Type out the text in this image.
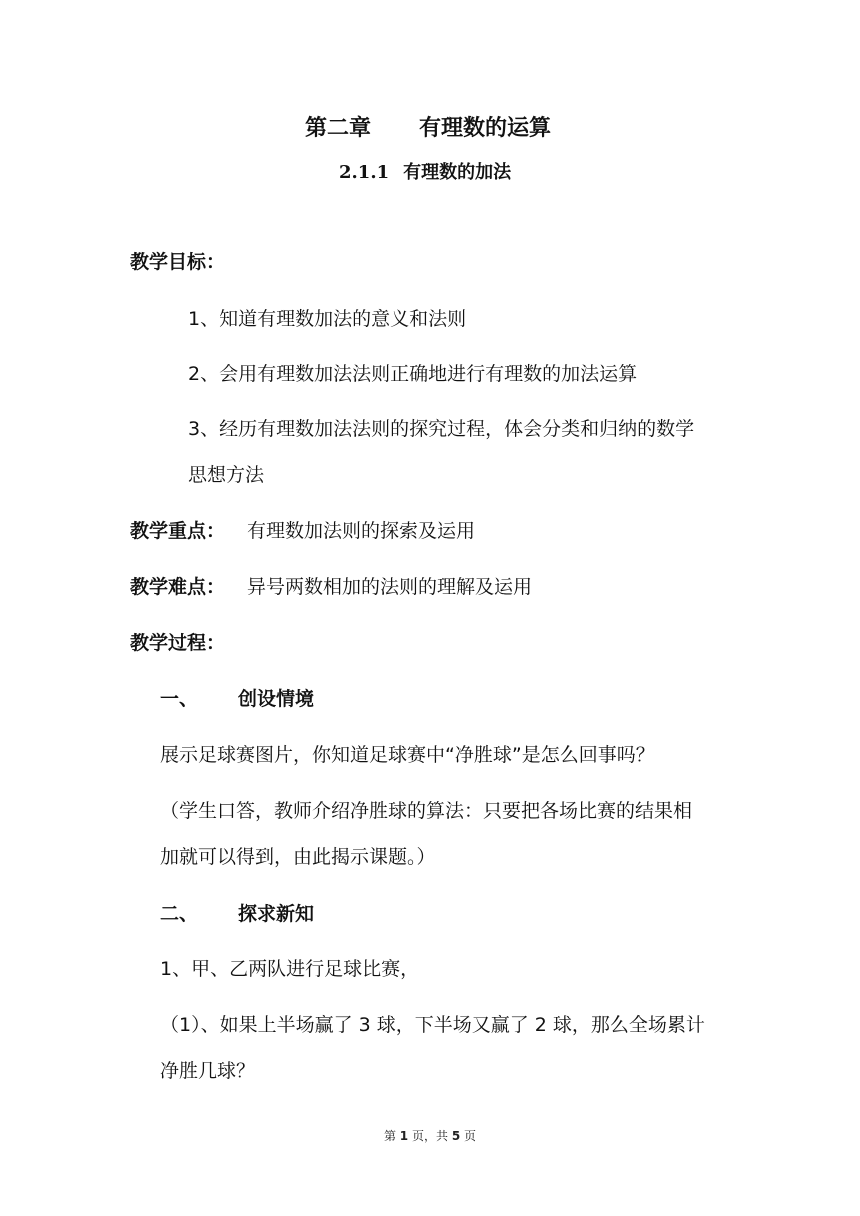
第二章 有理数的运算
2.1.1 有理数的加法
教学目标：
1、知道有理数加法的意义和法则
2、会用有理数加法法则正确地进行有理数的加法运算
3、经历有理数加法法则的探究过程，体会分类和归纳的数学
思想方法
教学重点： 有理数加法则的探索及运用
教学难点： 异号两数相加的法则的理解及运用
教学过程：
一、 创设情境
展示足球赛图片，你知道足球赛中“净胜球”是怎么回事吗？
（学生口答，教师介绍净胜球的算法：只要把各场比赛的结果相
加就可以得到，由此揭示课题。）
二、 探求新知
1、甲、乙两队进行足球比赛，
（1）、如果上半场赢了 3 球，下半场又赢了 2 球，那么全场累计
净胜几球？
第 1 页，共 5 页
